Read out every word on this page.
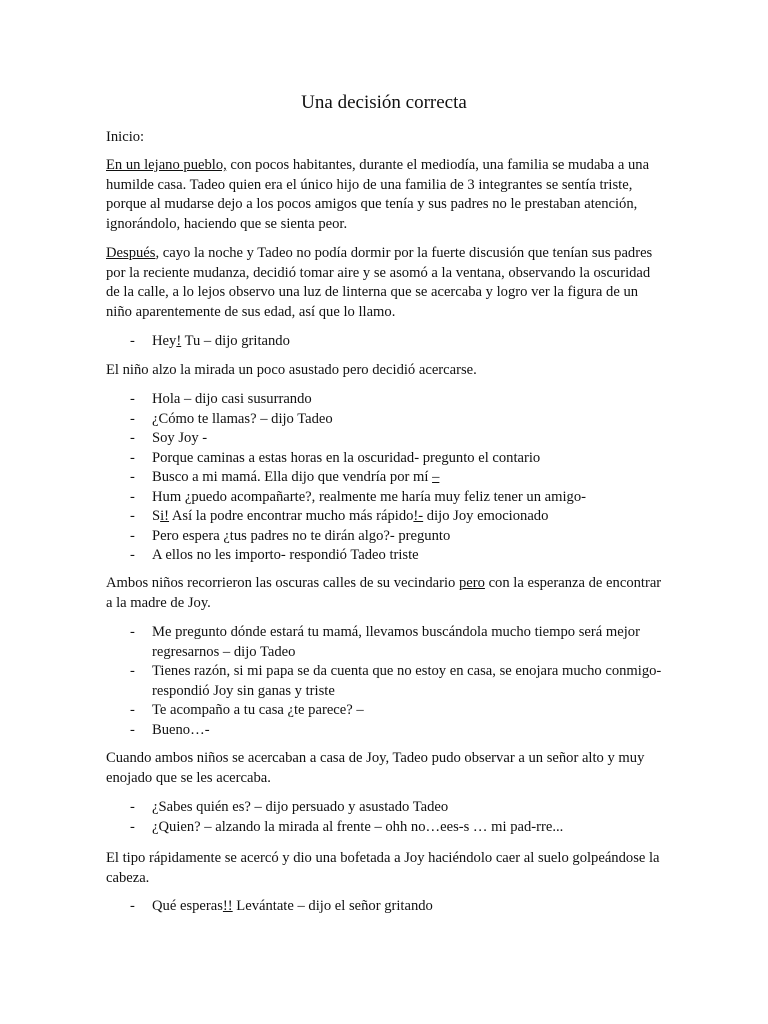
Una decisión correcta
Inicio:
En un lejano pueblo, con pocos habitantes, durante el mediodía, una familia se mudaba a una humilde casa. Tadeo quien era el único hijo de una familia de 3 integrantes se sentía triste, porque al mudarse dejo a los pocos amigos que tenía y sus padres no le prestaban atención, ignorándolo, haciendo que se sienta peor.
Después, cayo la noche y Tadeo no podía dormir por la fuerte discusión que tenían sus padres por la reciente mudanza, decidió tomar aire y se asomó a la ventana, observando la oscuridad de la calle, a lo lejos observo una luz de linterna que se acercaba y logro ver la figura de un niño aparentemente de sus edad, así que lo llamo.
- Hey! Tu – dijo gritando
El niño alzo la mirada un poco asustado pero decidió acercarse.
- Hola – dijo casi susurrando
- ¿Cómo te llamas? – dijo Tadeo
- Soy Joy -
- Porque caminas a estas horas en la oscuridad- pregunto el contario
- Busco a mi mamá. Ella dijo que vendría por mí –
- Hum ¿puedo acompañarte?, realmente me haría muy feliz tener un amigo-
- Si! Así la podre encontrar mucho más rápido!- dijo Joy emocionado
- Pero espera ¿tus padres no te dirán algo?- pregunto
- A ellos no les importo- respondió Tadeo triste
Ambos niños recorrieron las oscuras calles de su vecindario pero con la esperanza de encontrar a la madre de Joy.
- Me pregunto dónde estará tu mamá, llevamos buscándola mucho tiempo será mejor regresarnos – dijo Tadeo
- Tienes razón, si mi papa se da cuenta que no estoy en casa, se enojara mucho conmigo- respondió Joy sin ganas y triste
- Te acompaño a tu casa ¿te parece? –
- Bueno…-
Cuando ambos niños se acercaban a casa de Joy, Tadeo pudo observar a un señor alto y muy enojado que se les acercaba.
- ¿Sabes quién es? – dijo persuado y asustado Tadeo
- ¿Quien? – alzando la mirada al frente – ohh no…ees-s … mi pad-rre...
El tipo rápidamente se acercó y dio una bofetada a Joy haciéndolo caer al suelo golpeándose la cabeza.
- Qué esperas!! Levántate – dijo el señor gritando
